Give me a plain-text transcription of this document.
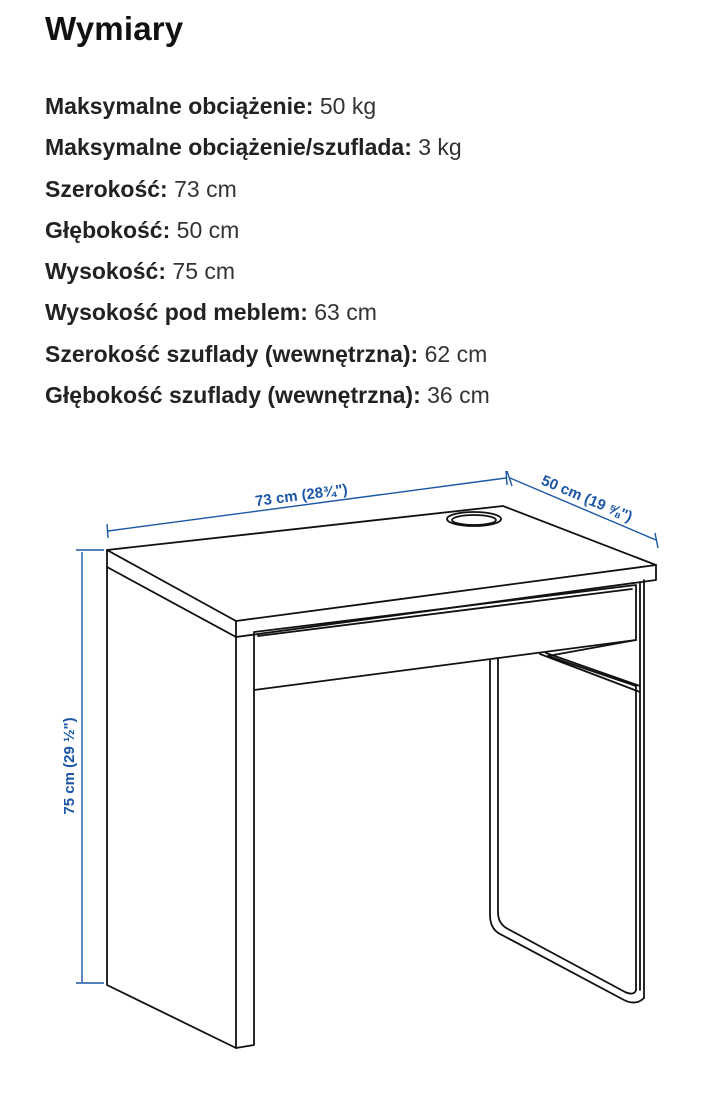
Wymiary
Maksymalne obciążenie: 50 kg
Maksymalne obciążenie/szuflada: 3 kg
Szerokość: 73 cm
Głębokość: 50 cm
Wysokość: 75 cm
Wysokość pod meblem: 63 cm
Szerokość szuflady (wewnętrzna): 62 cm
Głębokość szuflady (wewnętrzna): 36 cm
73 cm (28¾")	50 cm (19 ⅝")
75 cm (29 ½")
